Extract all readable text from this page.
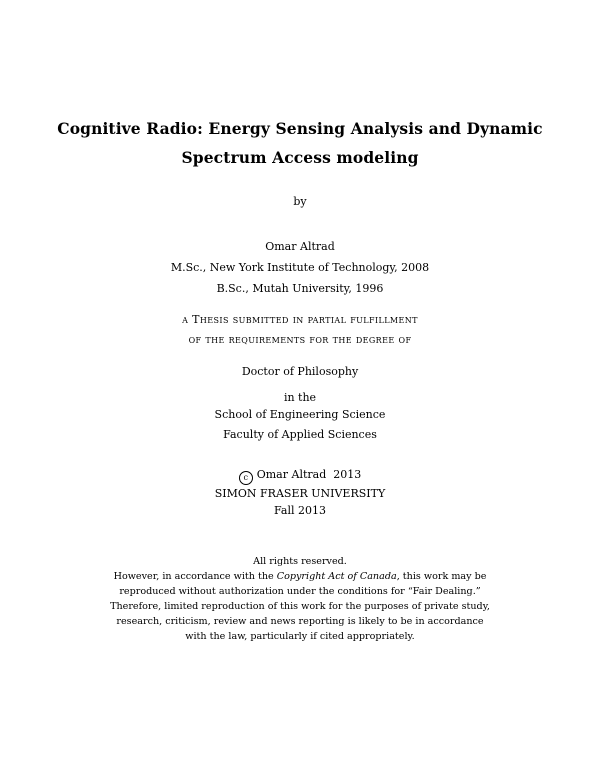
Cognitive Radio: Energy Sensing Analysis and Dynamic
Spectrum Access modeling
by
Omar Altrad
M.Sc., New York Institute of Technology, 2008
B.Sc., Mutah University, 1996
a Thesis submitted in partial fulfillment
of the requirements for the degree of
Doctor of Philosophy
in the
School of Engineering Science
Faculty of Applied Sciences
c Omar Altrad 2013
SIMON FRASER UNIVERSITY
Fall 2013
All rights reserved.
However, in accordance with the Copyright Act of Canada, this work may be
reproduced without authorization under the conditions for “Fair Dealing.”
Therefore, limited reproduction of this work for the purposes of private study,
research, criticism, review and news reporting is likely to be in accordance
with the law, particularly if cited appropriately.
